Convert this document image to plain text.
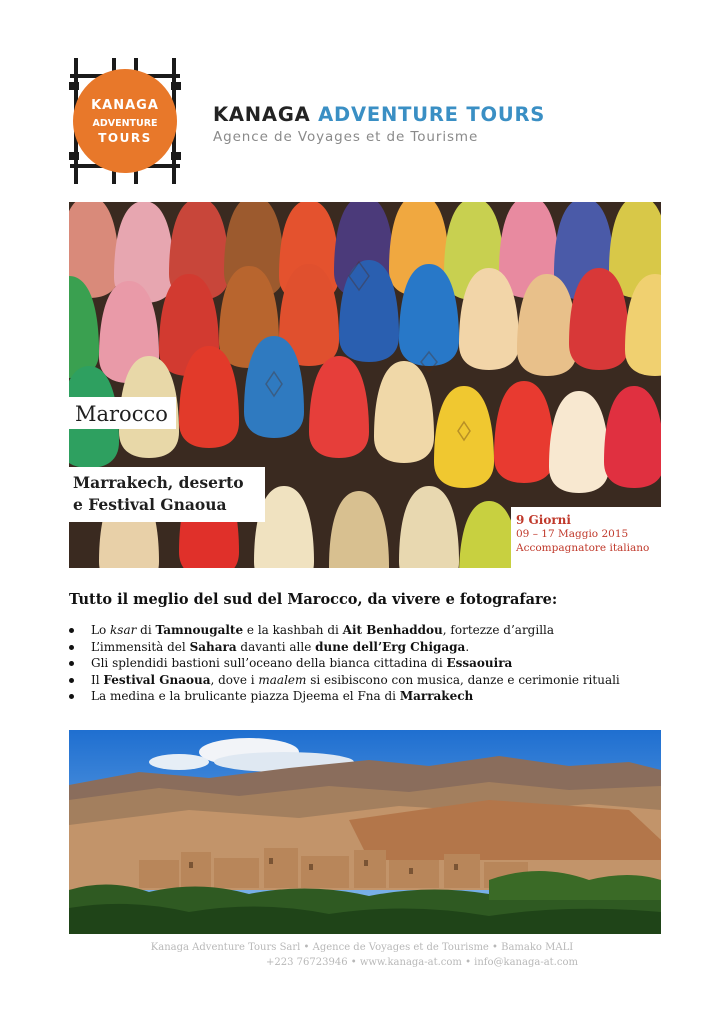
KANAGA
ADVENTURE
TOURS
KANAGA ADVENTURE TOURS
Agence de Voyages et de Tourisme
Marocco
Marrakech, deserto
e Festival Gnaoua
9 Giorni
09 – 17 Maggio 2015
Accompagnatore italiano
Tutto il meglio del sud del Marocco, da vivere e fotografare:
Lo ksar di Tamnougalte e la kashbah di Ait Benhaddou, fortezze d’argilla
L’immensità del Sahara davanti alle dune dell’Erg Chigaga.
Gli splendidi bastioni sull’oceano della bianca cittadina di Essaouira
Il Festival Gnaoua, dove i maalem si esibiscono con musica, danze e cerimonie rituali
La medina e la brulicante piazza Djeema el Fna di Marrakech
Kanaga Adventure Tours Sarl • Agence de Voyages et de Tourisme • Bamako MALI
+223 76723946 • www.kanaga-at.com • info@kanaga-at.com
